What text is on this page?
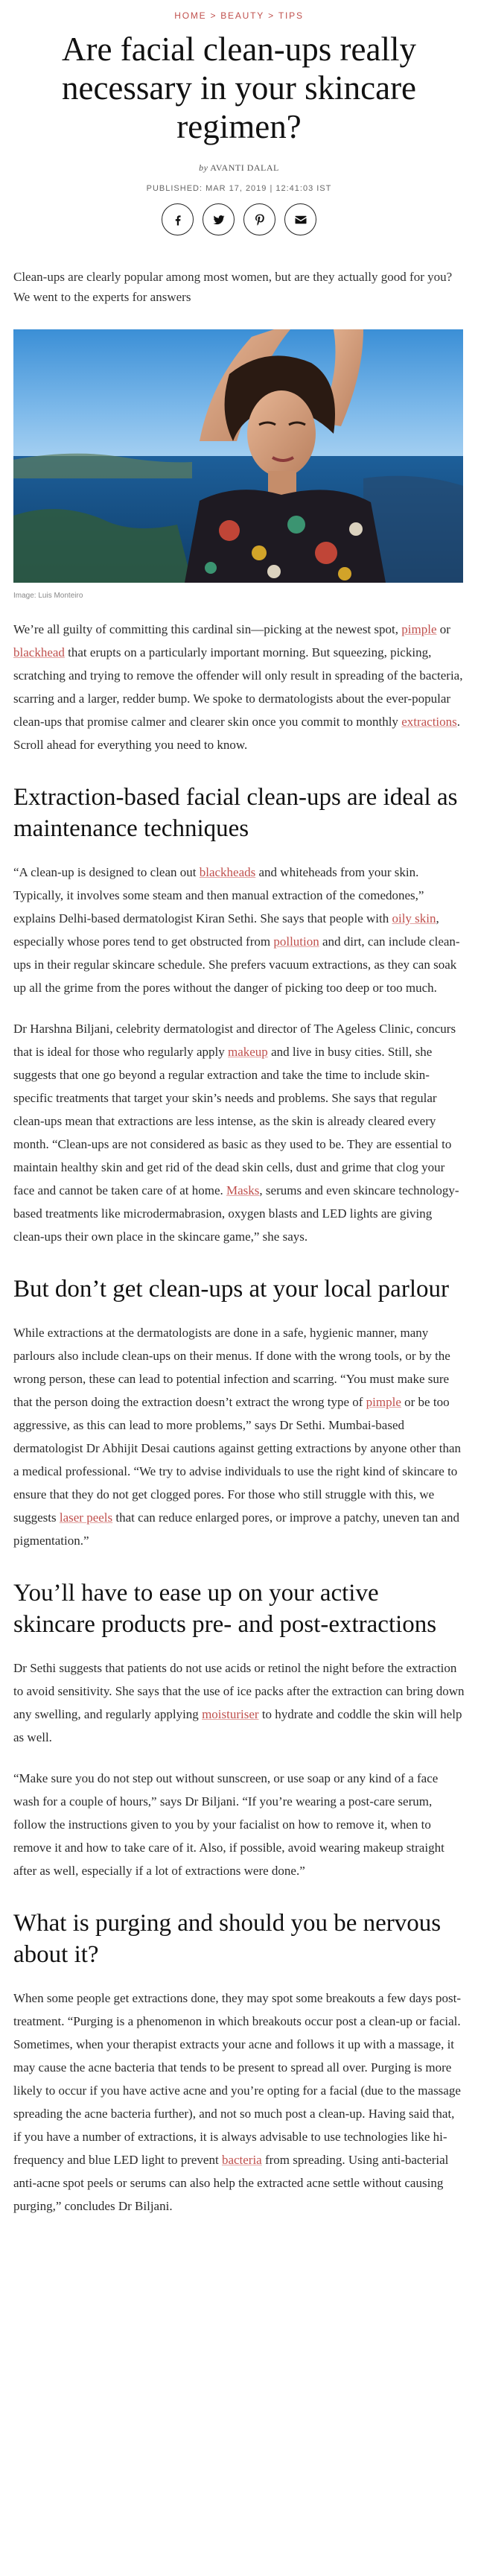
HOME > BEAUTY > TIPS
Are facial clean-ups really necessary in your skincare regimen?
by AVANTI DALAL
PUBLISHED: MAR 17, 2019 | 12:41:03 IST

Clean-ups are clearly popular among most women, but are they actually good for you? We went to the experts for answers

Image: Luis Monteiro

We’re all guilty of committing this cardinal sin—picking at the newest spot, pimple or blackhead that erupts on a particularly important morning. But squeezing, picking, scratching and trying to remove the offender will only result in spreading of the bacteria, scarring and a larger, redder bump. We spoke to dermatologists about the ever-popular clean-ups that promise calmer and clearer skin once you commit to monthly extractions. Scroll ahead for everything you need to know.

Extraction-based facial clean-ups are ideal as maintenance techniques

“A clean-up is designed to clean out blackheads and whiteheads from your skin. Typically, it involves some steam and then manual extraction of the comedones,” explains Delhi-based dermatologist Kiran Sethi. She says that people with oily skin, especially whose pores tend to get obstructed from pollution and dirt, can include clean-ups in their regular skincare schedule. She prefers vacuum extractions, as they can soak up all the grime from the pores without the danger of picking too deep or too much.

Dr Harshna Biljani, celebrity dermatologist and director of The Ageless Clinic, concurs that is ideal for those who regularly apply makeup and live in busy cities. Still, she suggests that one go beyond a regular extraction and take the time to include skin-specific treatments that target your skin’s needs and problems. She says that regular clean-ups mean that extractions are less intense, as the skin is already cleared every month. “Clean-ups are not considered as basic as they used to be. They are essential to maintain healthy skin and get rid of the dead skin cells, dust and grime that clog your face and cannot be taken care of at home. Masks, serums and even skincare technology-based treatments like microdermabrasion, oxygen blasts and LED lights are giving clean-ups their own place in the skincare game,” she says.

But don’t get clean-ups at your local parlour

While extractions at the dermatologists are done in a safe, hygienic manner, many parlours also include clean-ups on their menus. If done with the wrong tools, or by the wrong person, these can lead to potential infection and scarring. “You must make sure that the person doing the extraction doesn’t extract the wrong type of pimple or be too aggressive, as this can lead to more problems,” says Dr Sethi. Mumbai-based dermatologist Dr Abhijit Desai cautions against getting extractions by anyone other than a medical professional. “We try to advise individuals to use the right kind of skincare to ensure that they do not get clogged pores. For those who still struggle with this, we suggests laser peels that can reduce enlarged pores, or improve a patchy, uneven tan and pigmentation.”

You’ll have to ease up on your active skincare products pre- and post-extractions

Dr Sethi suggests that patients do not use acids or retinol the night before the extraction to avoid sensitivity. She says that the use of ice packs after the extraction can bring down any swelling, and regularly applying moisturiser to hydrate and coddle the skin will help as well.

“Make sure you do not step out without sunscreen, or use soap or any kind of a face wash for a couple of hours,” says Dr Biljani. “If you’re wearing a post-care serum, follow the instructions given to you by your facialist on how to remove it, when to remove it and how to take care of it. Also, if possible, avoid wearing makeup straight after as well, especially if a lot of extractions were done.”

What is purging and should you be nervous about it?

When some people get extractions done, they may spot some breakouts a few days post-treatment. “Purging is a phenomenon in which breakouts occur post a clean-up or facial. Sometimes, when your therapist extracts your acne and follows it up with a massage, it may cause the acne bacteria that tends to be present to spread all over. Purging is more likely to occur if you have active acne and you’re opting for a facial (due to the massage spreading the acne bacteria further), and not so much post a clean-up. Having said that, if you have a number of extractions, it is always advisable to use technologies like hi-frequency and blue LED light to prevent bacteria from spreading. Using anti-bacterial anti-acne spot peels or serums can also help the extracted acne settle without causing purging,” concludes Dr Biljani.
